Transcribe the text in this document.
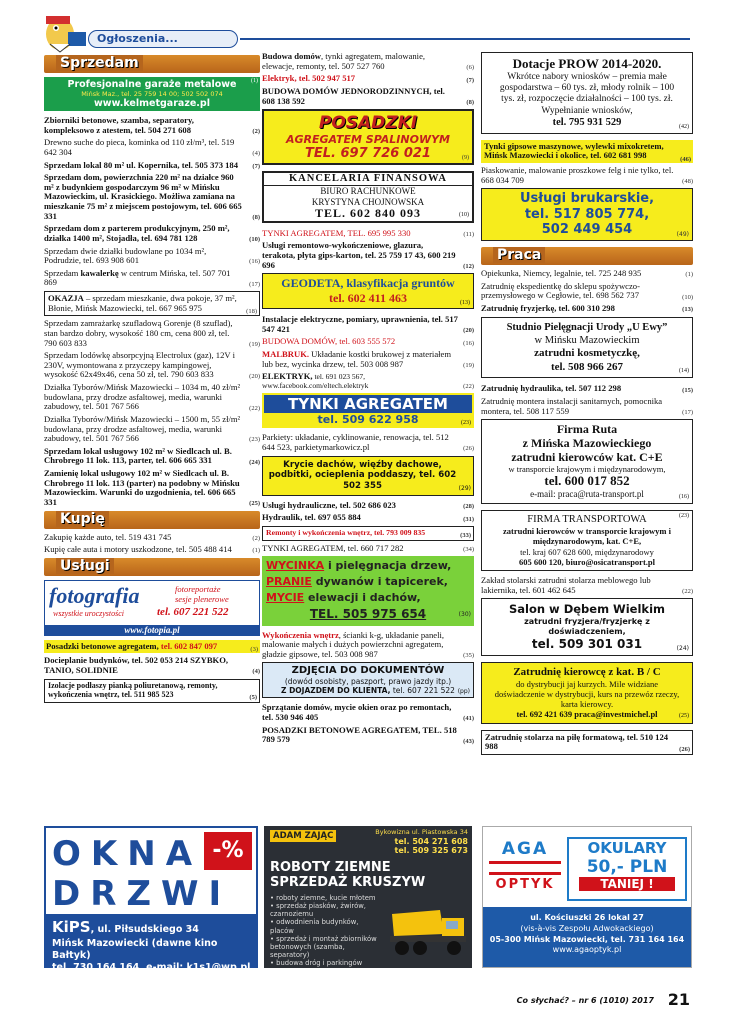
Ogłoszenia...
Sprzedam
Profesjonalne garaże metalowe
Mińsk Maz., tel. 25 759 14 00; 502 502 074
www.kelmetgaraze.pl
(1)
Zbiorniki betonowe, szamba, separatory, kompleksowo z atestem, tel. 504 271 608	(2)
Drewno suche do pieca, kominka od 110 zł/m³, tel. 519 642 304	(4)
Sprzedam lokal 80 m² ul. Kopernika, tel. 505 373 184 (7)
Sprzedam dom, powierzchnia 220 m² na działce 960 m² z budynkiem gospodarczym 96 m² w Mińsku Mazowieckim, ul. Krasickiego. Możliwa zamiana na mieszkanie 75 m² z miejscem postojowym, tel. 606 665 331	(8)
Sprzedam dom z parterem produkcyjnym, 250 m², działka 1400 m², Stojadła, tel. 694 781 128	(10)
Sprzedam dwie działki budowlane po 1034 m², Podrudzie, tel. 693 908 601	(16)
Sprzedam kawalerkę w centrum Mińska, tel. 507 701 869	(17)
OKAZJA – sprzedam mieszkanie, dwa pokoje, 37 m², Błonie, Mińsk Mazowiecki, tel. 667 965 975	(18)
Sprzedam zamrażarkę szufladową Gorenje (8 szuflad), stan bardzo dobry, wysokość 180 cm, cena 800 zł, tel. 790 603 833	(19)
Sprzedam lodówkę absorpcyjną Electrolux (gaz), 12V i 230V, wymontowana z przyczepy kampingowej, wysokość 62x49x46, cena 50 zł, tel. 790 603 833	(20)
Działka Tyborów/Mińsk Mazowiecki – 1034 m, 40 zł/m² budowlana, przy drodze asfaltowej, media, warunki zabudowy, tel. 501 767 566	(22)
Działka Tyborów/Mińsk Mazowiecki – 1500 m, 55 zł/m² budowlana, przy drodze asfaltowej, media, warunki zabudowy, tel. 501 767 566	(23)
Sprzedam lokal usługowy 102 m² w Siedlcach ul. B. Chrobrego 11 lok. 113, parter, tel. 606 665 331	(24)
Zamienię lokal usługowy 102 m² w Siedlcach ul. B. Chrobrego 11 lok. 113 (parter) na podobny w Mińsku Mazowieckim. Warunki do uzgodnienia, tel. 606 665 331	(25)
Kupię
Zakupię każde auto, tel. 519 431 745	(2)
Kupię całe auta i motory uszkodzone, tel. 505 488 414	(1)
Usługi
fotografia	fotoreportaże
sesje plenerowe
wszystkie uroczystości	tel. 607 221 522
www.fotopia.pl
Posadzki betonowe agregatem, tel. 602 847 097	(3)
Docieplanie budynków, tel. 502 053 214 SZYBKO, TANIO, SOLIDNIE	(4)
Izolacje podłaszy pianką poliuretanową, remonty, wykończenia wnętrz, tel. 511 985 523	(5)
OKNA -%
DRZWI
KiPS, ul. Piłsudskiego 34
Mińsk Mazowiecki (dawne kino Bałtyk)
tel. 730 164 164, e-mail: k1s1@wp.pl
Budowa domów, tynki agregatem, malowanie, elewacje, remonty, tel. 507 527 760	(6)
Elektryk, tel. 502 947 517	(7)
BUDOWA DOMÓW JEDNORODZINNYCH, tel. 608 138 592	(8)
POSADZKI
AGREGATEM SPALINOWYM
TEL. 697 726 021	(9)
KANCELARIA FINANSOWA
BIURO RACHUNKOWE
KRYSTYNA CHOJNOWSKA
TEL. 602 840 093	(10)
TYNKI AGREGATEM, TEL. 695 995 330	(11)
Usługi remontowo-wykończeniowe, glazura, terakota, płyta gips-karton, tel. 25 759 17 43, 600 219 696	(12)
GEODETA, klasyfikacja gruntów
tel. 602 411 463	(13)
Instalacje elektryczne, pomiary, uprawnienia, tel. 517 547 421	(20)
BUDOWA DOMÓW, tel. 603 555 572	(16)
MALBRUK. Układanie kostki brukowej z materiałem lub bez, wycinka drzew, tel. 503 008 987	(19)
ELEKTRYK, tel. 691 023 567, www.facebook.com/eltech.elektryk	(22)
TYNKI AGREGATEM
tel. 509 622 958	(23)
Parkiety: układanie, cyklinowanie, renowacja, tel. 512 644 523, parkietymarkowicz.pl	(26)
Krycie dachów, więźby dachowe, podbitki, ocieplenia poddaszy, tel. 602 502 355	(29)
Usługi hydrauliczne, tel. 502 686 023	(28)
Hydraulik, tel. 697 055 884	(31)
Remonty i wykończenia wnętrz, tel. 793 009 835	(33)
TYNKI AGREGATEM, tel. 660 717 282	(34)
WYCINKA i pielęgnacja drzew,
PRANIE dywanów i tapicerek,
MYCIE elewacji i dachów,
TEL. 505 975 654	(30)
Wykończenia wnętrz, ścianki k-g, układanie paneli, malowanie małych i dużych powierzchni agregatem, gładzie gipsowe, tel. 503 008 987	(35)
ZDJĘCIA DO DOKUMENTÓW
(dowód osobisty, paszport, prawo jazdy itp.)
Z DOJAZDEM DO KLIENTA, tel. 607 221 522 (pp)
Sprzątanie domów, mycie okien oraz po remontach, tel. 530 946 405	(41)
POSADZKI BETONOWE AGREGATEM, TEL. 518 789 579	(43)
ADAM ZAJĄC	Bykowizna ul. Piastowska 34
tel. 504 271 608
tel. 509 325 673
ROBOTY ZIEMNE
SPRZEDAŻ KRUSZYW
• roboty ziemne, kucie młotem
• sprzedaż piasków, żwirów, czarnoziemu
• odwodnienia budynków, placów
• sprzedaż i montaż zbiorników betonowych (szamba, separatory)
• budowa dróg i parkingów
Dotacje PROW 2014-2020.
Wkrótce nabory wniosków – premia małe gospodarstwa – 60 tys. zł, młody rolnik – 100 tys. zł, rozpoczęcie działalności – 100 tys. zł. Wypełnianie wniosków,
tel. 795 931 529	(42)
Tynki gipsowe maszynowe, wylewki mixokretem, Mińsk Mazowiecki i okolice, tel. 602 681 998	(46)
Piaskowanie, malowanie proszkowe felg i nie tylko, tel. 668 034 709	(48)
Usługi brukarskie,
tel. 517 805 774,
502 449 454	(49)
Praca
Opiekunka, Niemcy, legalnie, tel. 725 248 935	(1)
Zatrudnię ekspedientkę do sklepu spożywczo-przemysłowego w Cegłowie, tel. 698 562 737	(10)
Zatrudnię fryzjerkę, tel. 600 310 298	(13)
Studnio Pielęgnacji Urody „U Ewy”
w Mińsku Mazowieckim
zatrudni kosmetyczkę,
tel. 508 966 267	(14)
Zatrudnię hydraulika, tel. 507 112 298	(15)
Zatrudnię montera instalacji sanitarnych, pomocnika montera, tel. 508 117 559	(17)
Firma Ruta
z Mińska Mazowieckiego
zatrudni kierowców kat. C+E
w transporcie krajowym i międzynarodowym,
tel. 600 017 852
e-mail: praca@ruta-transport.pl	(16)
FIRMA TRANSPORTOWA
zatrudni kierowców w transporcie krajowym i międzynarodowym, kat. C+E,
tel. kraj 607 628 600, międzynarodowy
605 600 120, biuro@osicatransport.pl
(23)
Zakład stolarski zatrudni stolarza meblowego lub lakiernika, tel. 601 462 645	(22)
Salon w Dębem Wielkim
zatrudni fryzjera/fryzjerkę z doświadczeniem,
tel. 509 301 031	(24)
Zatrudnię kierowcę z kat. B / C
do dystrybucji jaj kurzych. Mile widziane doświadczenie w dystrybucji, kurs na przewóz rzeczy, karta kierowcy.
tel. 692 421 639 praca@investmichel.pl	(25)
Zatrudnię stolarza na piłę formatową, tel. 510 124 988	(26)
AGA
OPTYK
OKULARY
50,- PLN
TANIEJ !
ul. Kościuszki 26 lokal 27
(vis-à-vis Zespołu Adwokackiego)
05-300 Mińsk Mazowiecki, tel. 731 164 164
www.agaoptyk.pl
Co słychać? – nr 6 (1010) 2017 21
